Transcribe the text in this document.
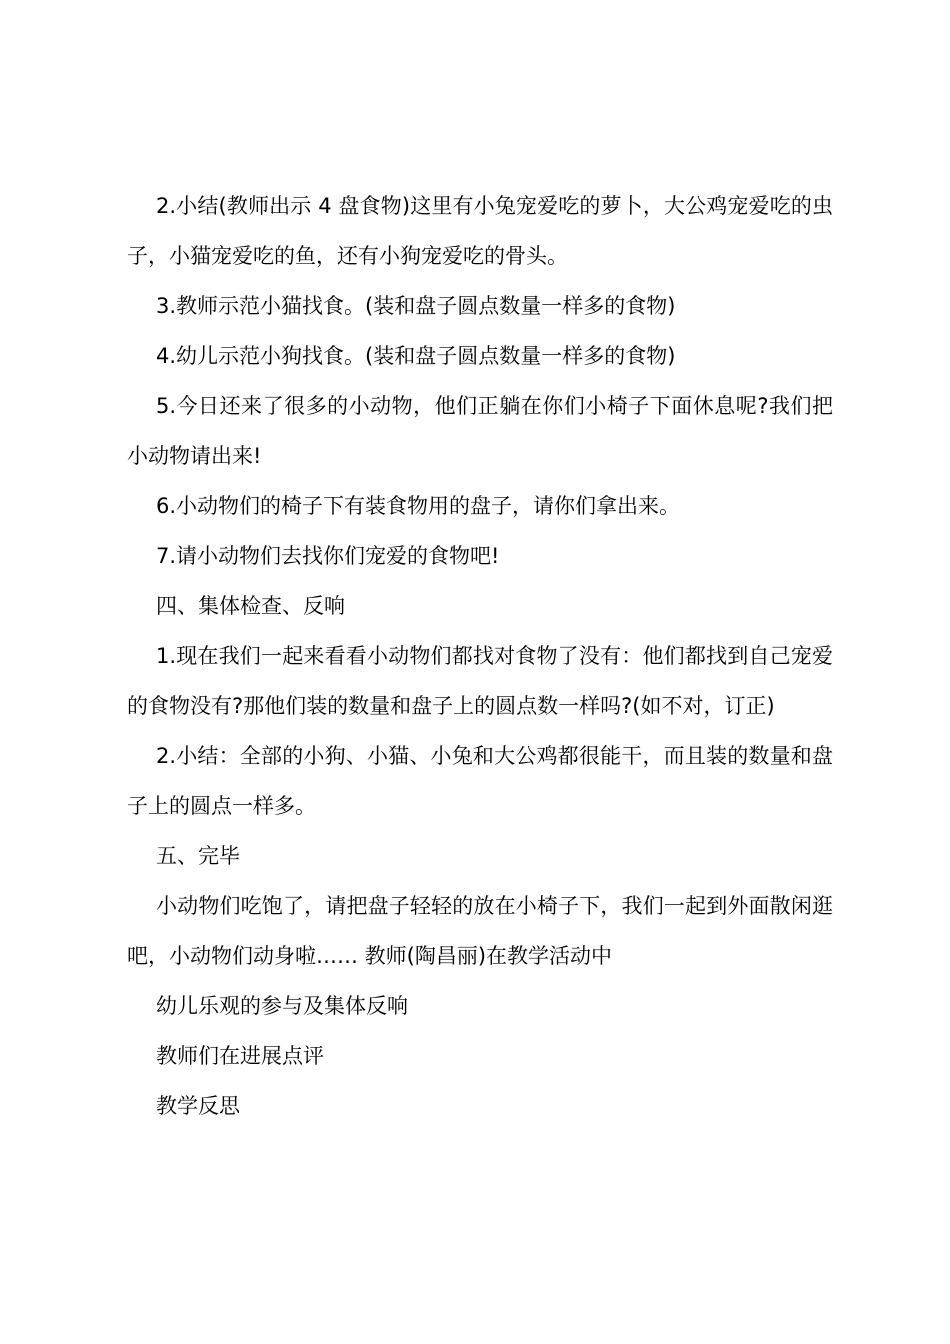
2.小结(教师出示 4 盘食物)这里有小兔宠爱吃的萝卜，大公鸡宠爱吃的虫子，小猫宠爱吃的鱼，还有小狗宠爱吃的骨头。

3.教师示范小猫找食。(装和盘子圆点数量一样多的食物)

4.幼儿示范小狗找食。(装和盘子圆点数量一样多的食物)

5.今日还来了很多的小动物，他们正躺在你们小椅子下面休息呢?我们把小动物请出来!

6.小动物们的椅子下有装食物用的盘子，请你们拿出来。

7.请小动物们去找你们宠爱的食物吧!

四、集体检查、反响

1.现在我们一起来看看小动物们都找对食物了没有：他们都找到自己宠爱的食物没有?那他们装的数量和盘子上的圆点数一样吗?(如不对，订正)

2.小结：全部的小狗、小猫、小兔和大公鸡都很能干，而且装的数量和盘子上的圆点一样多。

五、完毕

小动物们吃饱了，请把盘子轻轻的放在小椅子下，我们一起到外面散闲逛吧，小动物们动身啦…… 教师(陶昌丽)在教学活动中

幼儿乐观的参与及集体反响

教师们在进展点评

教学反思
